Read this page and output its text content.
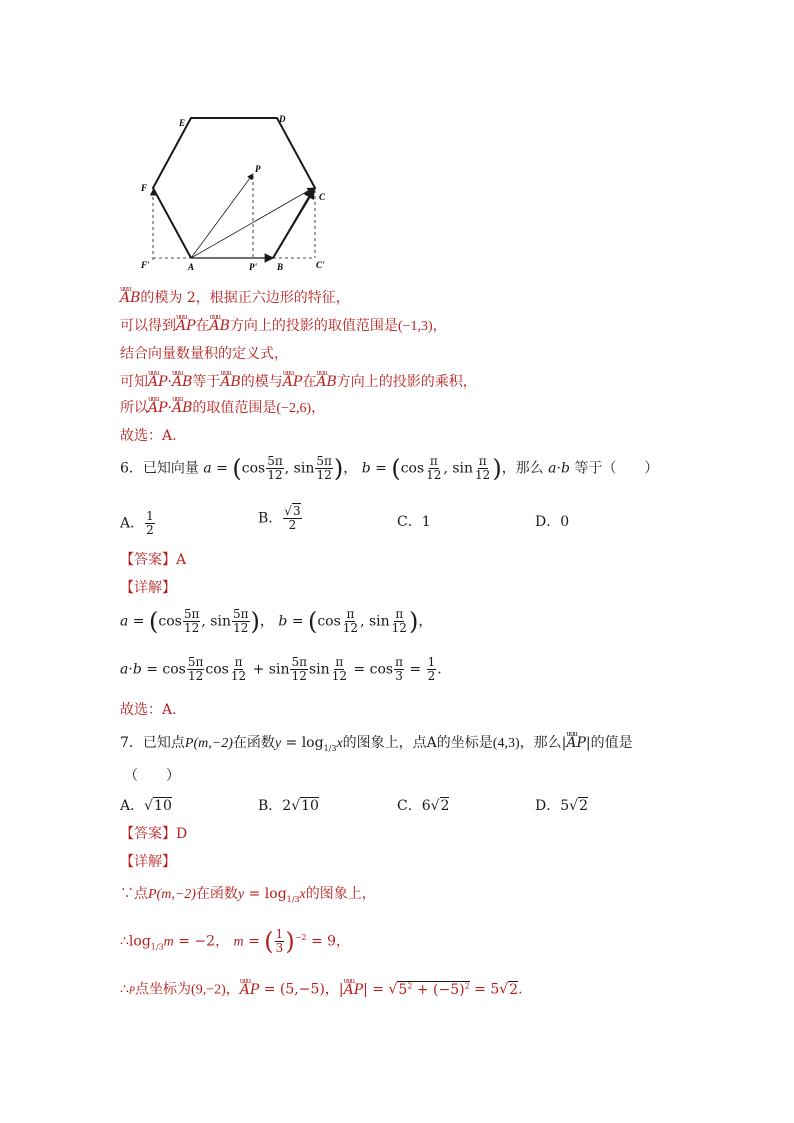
E	D
F
C
P
F'	A	P' B	C'
uuu AB的模为 2，根据正六边形的特征，
可以得到uuu AP在uuu AB方向上的投影的取值范围是(−1,3)，
结合向量数量积的定义式，
可知uuu AP·uuu AB等于uuu AB的模与uuu AP在uuu AB方向上的投影的乘积，
所以uuu AP·uuu AB的取值范围是(−2,6)，
故选：A.
6．已知向量 $a = (\cos \frac{5\pi}{12}$ , $\sin \frac{5\pi}{12}$ )， $b = (\cos \frac{\pi}{12}$ , $\sin \frac{\pi}{12}$ )，那么 a·b 等于（　　）
A． $\frac{1}{2}$	B． $\frac{√3}{2}$	C．1	D．0
【答案】A
【详解】
$a = (\cos \frac{5\pi}{12}$ , $\sin \frac{5\pi}{12}$ )， $b = (\cos \frac{\pi}{12}$ , $\sin \frac{\pi}{12}$ )，
$a\cdot b = \cos \frac{5\pi}{12}$ $\cos \frac{\pi}{12} + \sin \frac{5\pi}{12}$ $\sin \frac{\pi}{12} = \cos \frac{\pi}{3} = \frac{1}{2}$ .
故选：A.
7．已知点P(m,−2)在函数$y = \log_{1/3}x$的图象上，点A的坐标是(4,3)，那么|uuu AP|的值是
（　　）
A．√10	B．2√10	C．6√2	D．5√2
【答案】D
【详解】
∵点P(m,−2)在函数$y = \log_{1/3}x$的图象上，
$\therefore\log_{1/3}m = -2$， m = ( $\frac{1}{3} )^{-2} = 9$，
∴P点坐标为(9,−2)，uuu AP = (5,−5)，|uuu $AP| = √5^2 + (-5)^2 = 5√2$.
